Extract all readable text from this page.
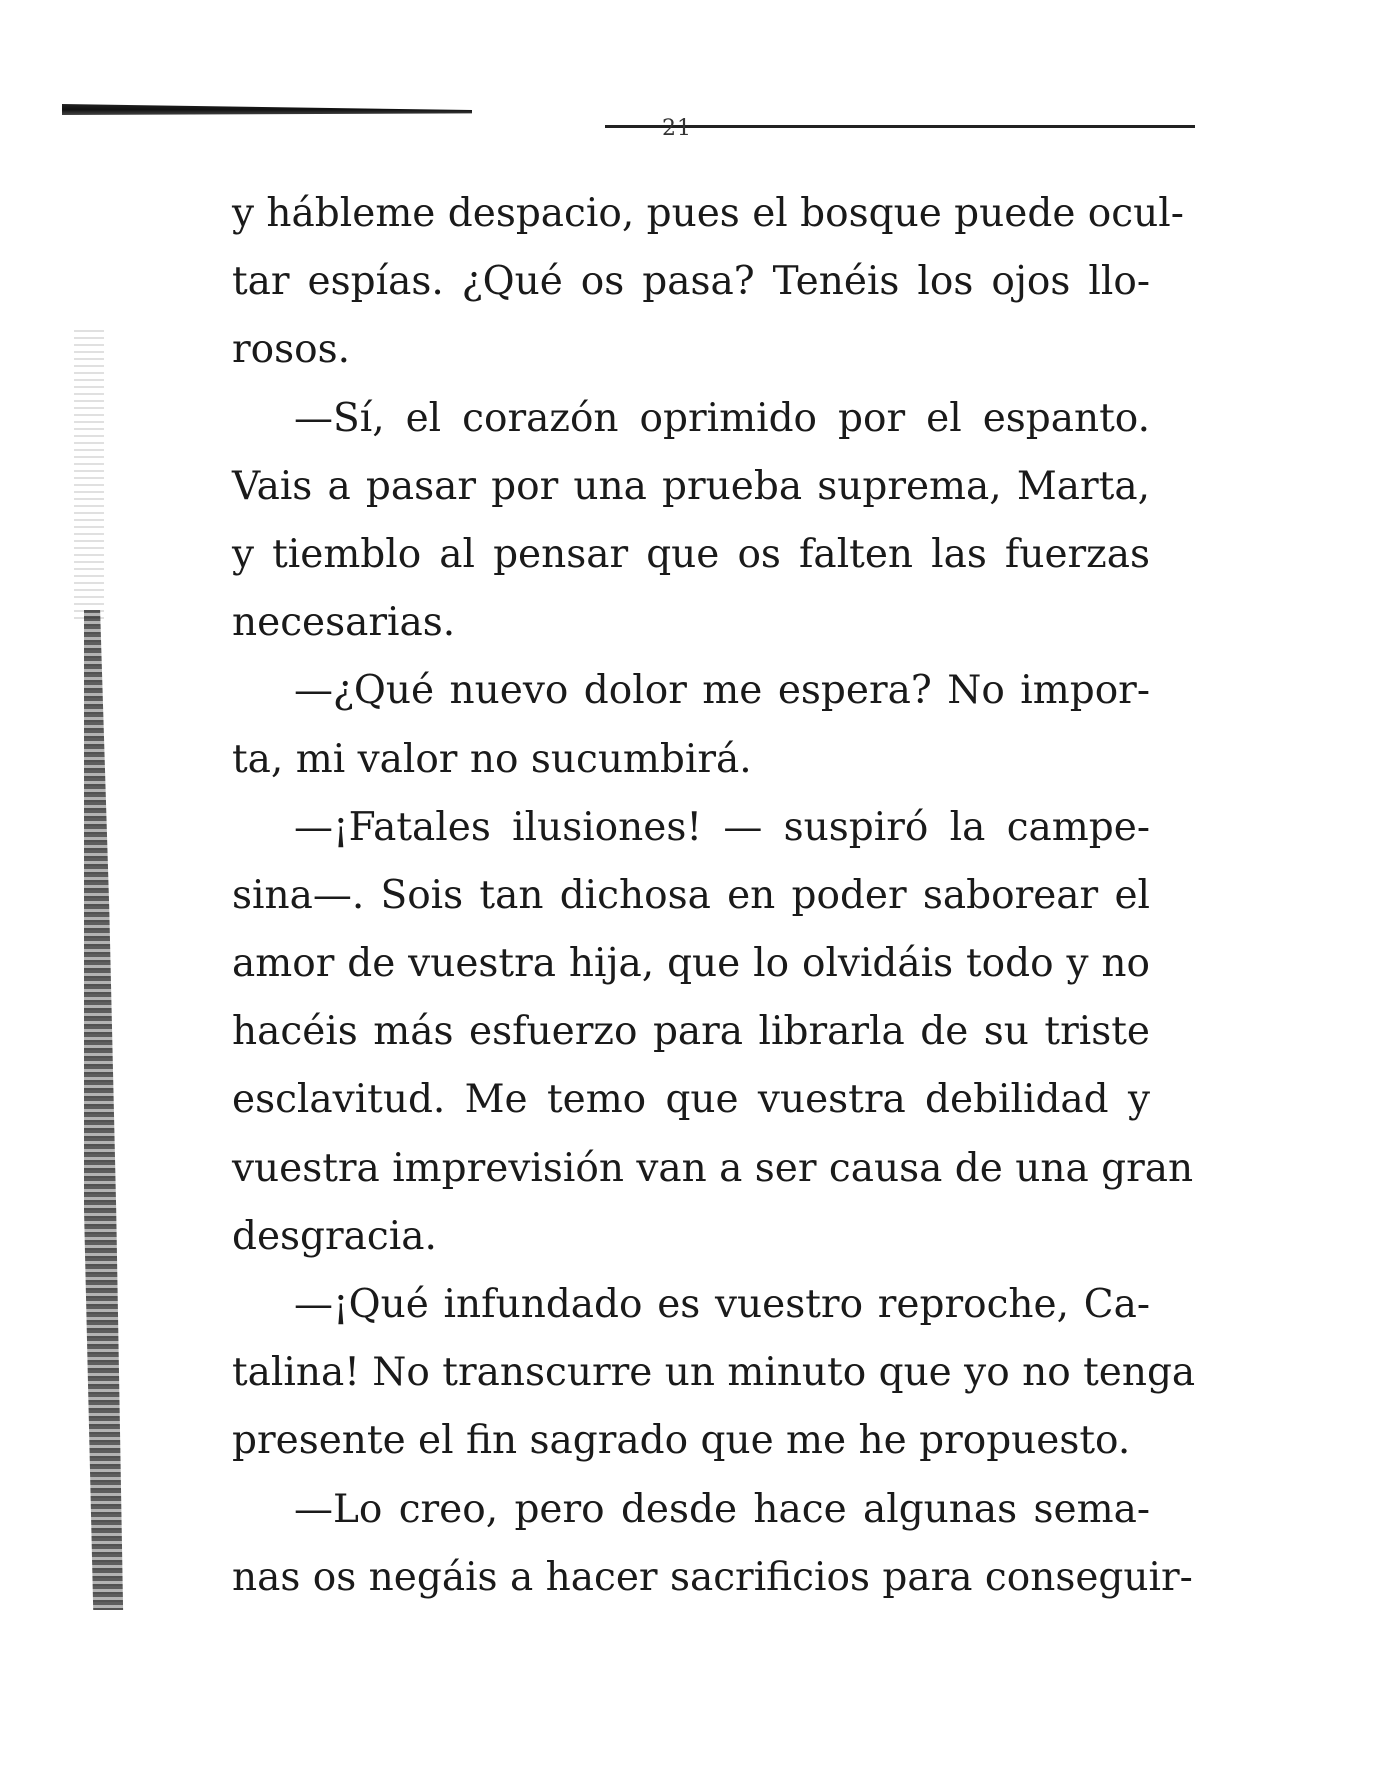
21

y hábleme despacio, pues el bosque puede ocul-
tar espías. ¿Qué os pasa? Tenéis los ojos llo-
rosos.

—Sí, el corazón oprimido por el espanto.
Vais a pasar por una prueba suprema, Marta,
y tiemblo al pensar que os falten las fuerzas
necesarias.

—¿Qué nuevo dolor me espera? No impor-
ta, mi valor no sucumbirá.

—¡Fatales ilusiones! — suspiró la campe-
sina—. Sois tan dichosa en poder saborear el
amor de vuestra hija, que lo olvidáis todo y no
hacéis más esfuerzo para librarla de su triste
esclavitud. Me temo que vuestra debilidad y
vuestra imprevisión van a ser causa de una gran
desgracia.

—¡Qué infundado es vuestro reproche, Ca-
talina! No transcurre un minuto que yo no tenga
presente el fin sagrado que me he propuesto.

—Lo creo, pero desde hace algunas sema-
nas os negáis a hacer sacrificios para conseguir-
